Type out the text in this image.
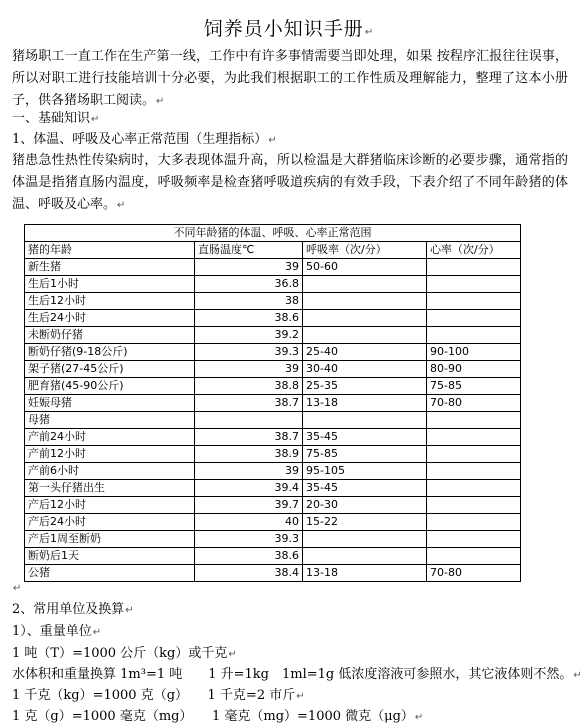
饲养员小知识手册↵
猪场职工一直工作在生产第一线，工作中有许多事情需要当即处理，如果 按程序汇报往往误事，所以对职工进行技能培训十分必要，为此我们根据职工的工作性质及理解能力，整理了这本小册子，供各猪场职工阅读。↵
一、基础知识↵
1、体温、呼吸及心率正常范围（生理指标）↵
猪患急性热性传染病时，大多表现体温升高，所以检温是大群猪临床诊断的必要步骤，通常指的体温是指猪直肠内温度，呼吸频率是检查猪呼吸道疾病的有效手段，下表介绍了不同年龄猪的体温、呼吸及心率。↵
不同年龄猪的体温、呼吸、心率正常范围			
猪的年龄	直肠温度℃	呼吸率（次/分）	心率（次/分）
新生猪	39	50-60	
生后1小时	36.8		
生后12小时	38		
生后24小时	38.6		
未断奶仔猪	39.2		
断奶仔猪(9-18公斤)	39.3	25-40	90-100
架子猪(27-45公斤)	39	30-40	80-90
肥育猪(45-90公斤)	38.8	25-35	75-85
妊娠母猪	38.7	13-18	70-80
母猪			
产前24小时	38.7	35-45	
产前12小时	38.9	75-85	
产前6小时	39	95-105	
第一头仔猪出生	39.4	35-45	
产后12小时	39.7	20-30	
产后24小时	40	15-22	
产后1周至断奶	39.3		
断奶后1天	38.6		
公猪	38.4	13-18	70-80
↵
2、常用单位及换算↵
1）、重量单位↵
1 吨（T）=1000 公斤（kg）或千克↵
水体积和重量换算 1m³=1 吨　　1 升=1kg　1ml=1g 低浓度溶液可参照水，其它液体则不然。↵
1 千克（kg）=1000 克（g）　　1 千克=2 市斤↵
1 克（g）=1000 毫克（mg）　　1 毫克（mg）=1000 微克（μg）↵
